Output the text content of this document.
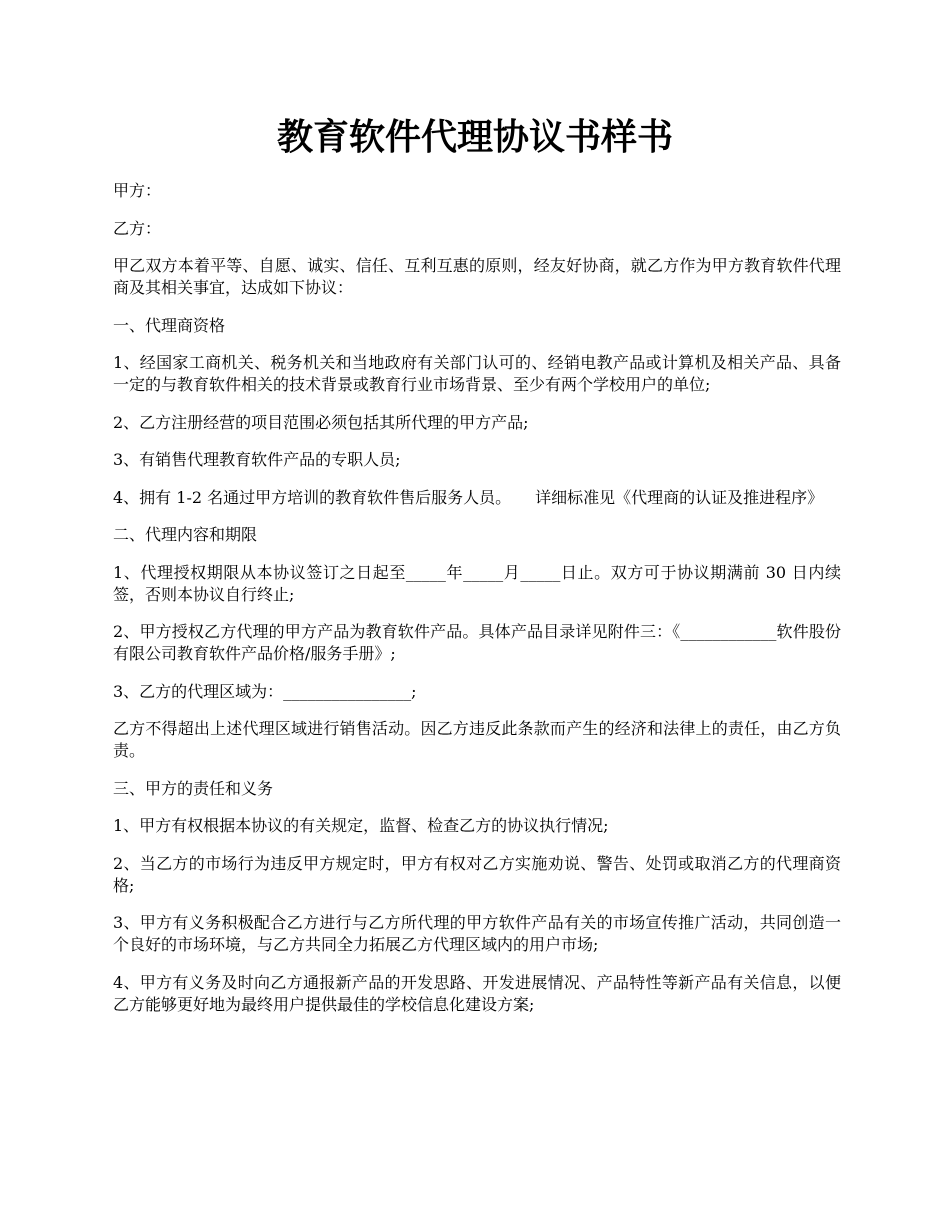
教育软件代理协议书样书

甲方：

乙方：

甲乙双方本着平等、自愿、诚实、信任、互利互惠的原则，经友好协商，就乙方作为甲方教育软件代理商及其相关事宜，达成如下协议：

一、代理商资格

1、经国家工商机关、税务机关和当地政府有关部门认可的、经销电教产品或计算机及相关产品、具备一定的与教育软件相关的技术背景或教育行业市场背景、至少有两个学校用户的单位;

2、乙方注册经营的项目范围必须包括其所代理的甲方产品;

3、有销售代理教育软件产品的专职人员;

4、拥有 1-2 名通过甲方培训的教育软件售后服务人员。　　详细标准见《代理商的认证及推进程序》

二、代理内容和期限

1、代理授权期限从本协议签订之日起至_____年_____月_____日止。双方可于协议期满前 30 日内续签，否则本协议自行终止;

2、甲方授权乙方代理的甲方产品为教育软件产品。具体产品目录详见附件三：《____________软件股份有限公司教育软件产品价格/服务手册》;

3、乙方的代理区域为：________________;

乙方不得超出上述代理区域进行销售活动。因乙方违反此条款而产生的经济和法律上的责任，由乙方负责。

三、甲方的责任和义务

1、甲方有权根据本协议的有关规定，监督、检查乙方的协议执行情况;

2、当乙方的市场行为违反甲方规定时，甲方有权对乙方实施劝说、警告、处罚或取消乙方的代理商资格;

3、甲方有义务积极配合乙方进行与乙方所代理的甲方软件产品有关的市场宣传推广活动，共同创造一个良好的市场环境，与乙方共同全力拓展乙方代理区域内的用户市场;

4、甲方有义务及时向乙方通报新产品的开发思路、开发进展情况、产品特性等新产品有关信息，以便乙方能够更好地为最终用户提供最佳的学校信息化建设方案;
